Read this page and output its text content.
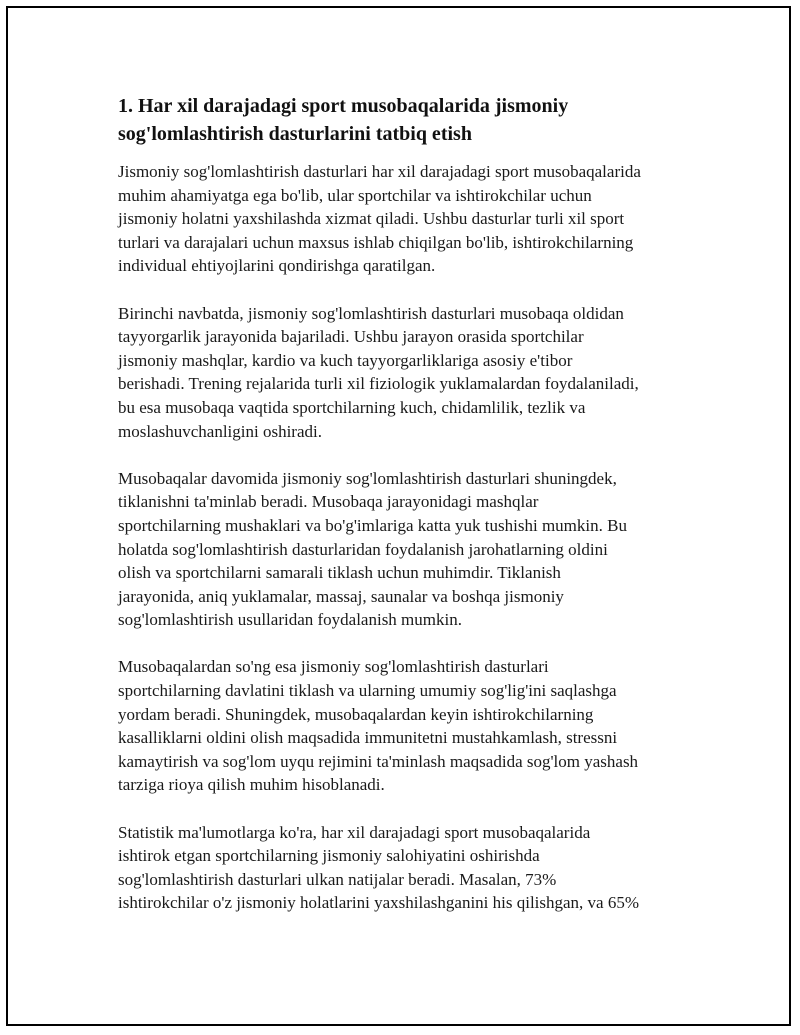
1. Har xil darajadagi sport musobaqalarida jismoniy
sog'lomlashtirish dasturlarini tatbiq etish

Jismoniy sog'lomlashtirish dasturlari har xil darajadagi sport musobaqalarida
muhim ahamiyatga ega bo'lib, ular sportchilar va ishtirokchilar uchun
jismoniy holatni yaxshilashda xizmat qiladi. Ushbu dasturlar turli xil sport
turlari va darajalari uchun maxsus ishlab chiqilgan bo'lib, ishtirokchilarning
individual ehtiyojlarini qondirishga qaratilgan.

Birinchi navbatda, jismoniy sog'lomlashtirish dasturlari musobaqa oldidan
tayyorgarlik jarayonida bajariladi. Ushbu jarayon orasida sportchilar
jismoniy mashqlar, kardio va kuch tayyorgarliklariga asosiy e'tibor
berishadi. Trening rejalarida turli xil fiziologik yuklamalardan foydalaniladi,
bu esa musobaqa vaqtida sportchilarning kuch, chidamlilik, tezlik va
moslashuvchanligini oshiradi.

Musobaqalar davomida jismoniy sog'lomlashtirish dasturlari shuningdek,
tiklanishni ta'minlab beradi. Musobaqa jarayonidagi mashqlar
sportchilarning mushaklari va bo'g'imlariga katta yuk tushishi mumkin. Bu
holatda sog'lomlashtirish dasturlaridan foydalanish jarohatlarning oldini
olish va sportchilarni samarali tiklash uchun muhimdir. Tiklanish
jarayonida, aniq yuklamalar, massaj, saunalar va boshqa jismoniy
sog'lomlashtirish usullaridan foydalanish mumkin.

Musobaqalardan so'ng esa jismoniy sog'lomlashtirish dasturlari
sportchilarning davlatini tiklash va ularning umumiy sog'lig'ini saqlashga
yordam beradi. Shuningdek, musobaqalardan keyin ishtirokchilarning
kasalliklarni oldini olish maqsadida immunitetni mustahkamlash, stressni
kamaytirish va sog'lom uyqu rejimini ta'minlash maqsadida sog'lom yashash
tarziga rioya qilish muhim hisoblanadi.

Statistik ma'lumotlarga ko'ra, har xil darajadagi sport musobaqalarida
ishtirok etgan sportchilarning jismoniy salohiyatini oshirishda
sog'lomlashtirish dasturlari ulkan natijalar beradi. Masalan, 73%
ishtirokchilar o'z jismoniy holatlarini yaxshilashganini his qilishgan, va 65%
